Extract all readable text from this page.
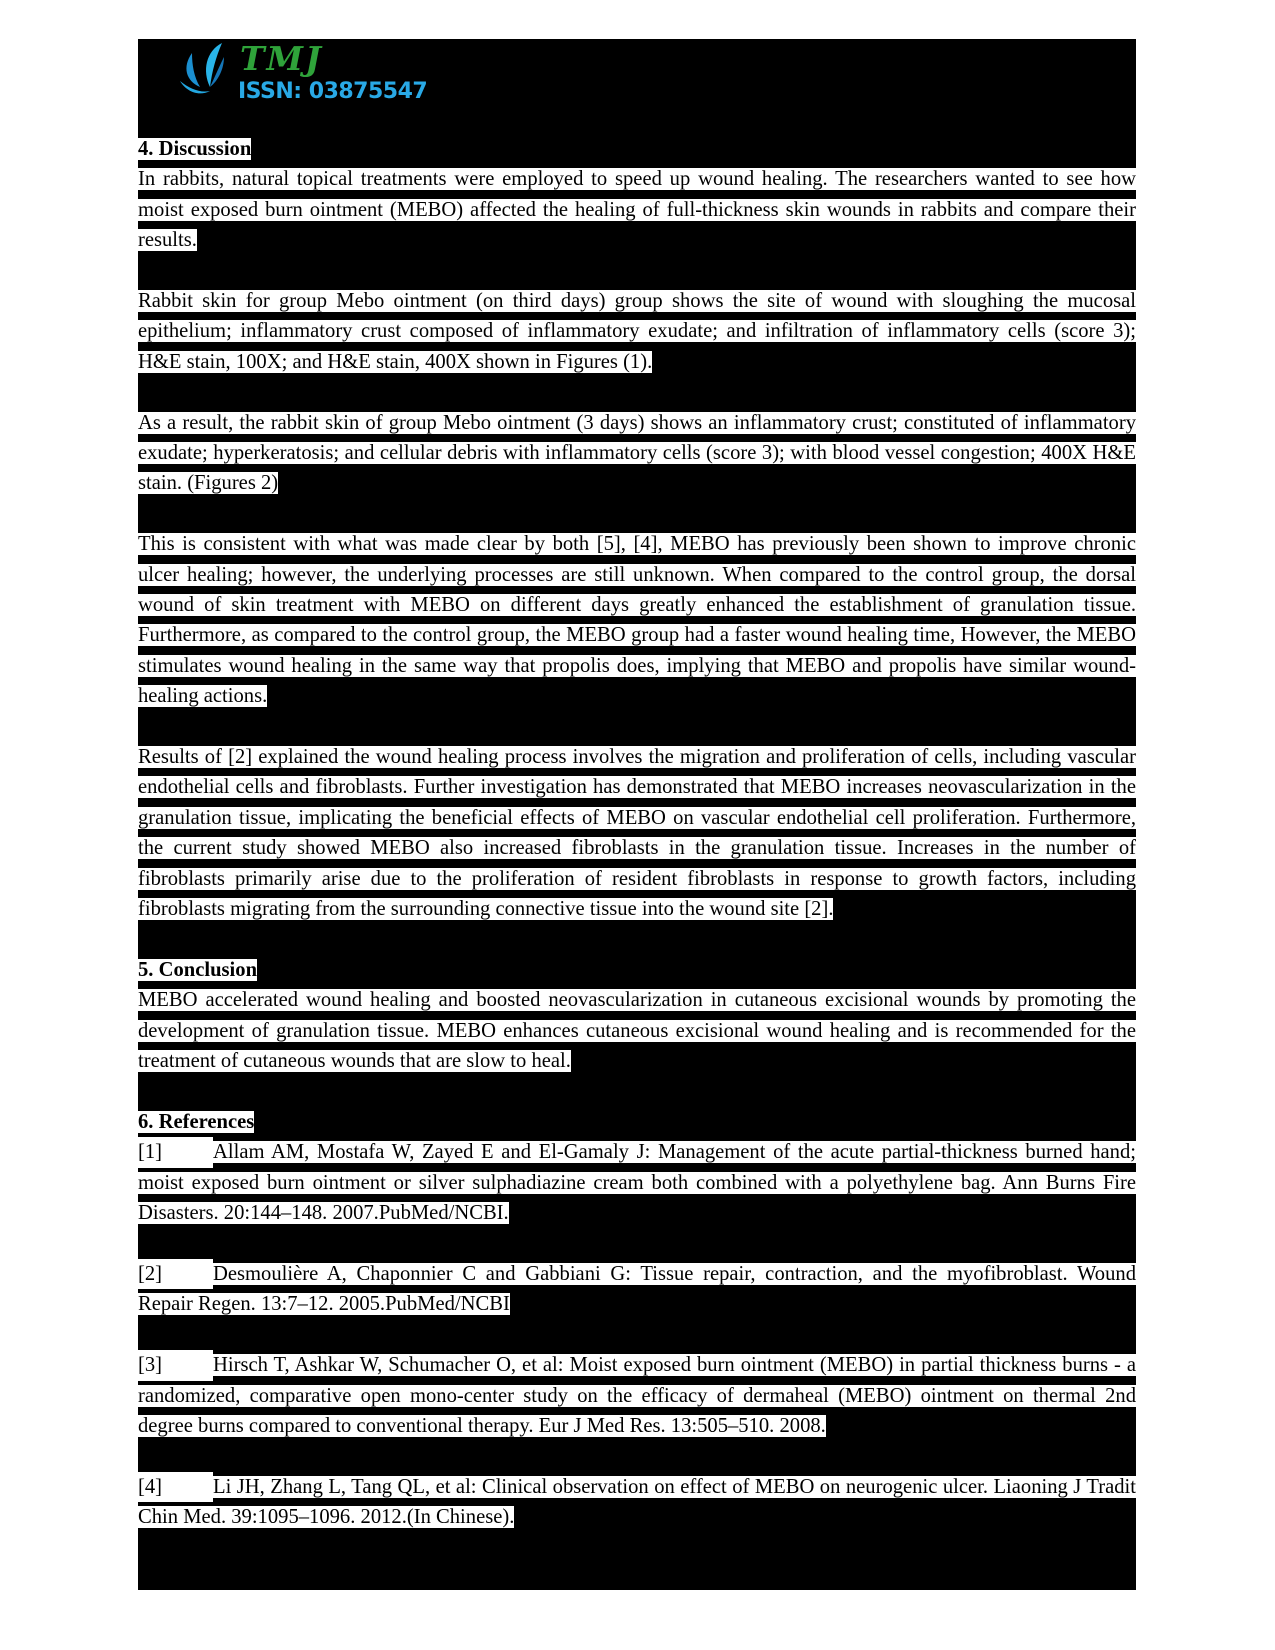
TMJ
ISSN: 03875547

4. Discussion

In rabbits, natural topical treatments were employed to speed up wound healing. The researchers wanted to see how moist exposed burn ointment (MEBO) affected the healing of full-thickness skin wounds in rabbits and compare their results.

Rabbit skin for group Mebo ointment (on third days) group shows the site of wound with sloughing the mucosal epithelium; inflammatory crust composed of inflammatory exudate; and infiltration of inflammatory cells (score 3); H&E stain, 100X; and H&E stain, 400X shown in Figures (1).

As a result, the rabbit skin of group Mebo ointment (3 days) shows an inflammatory crust; constituted of inflammatory exudate; hyperkeratosis; and cellular debris with inflammatory cells (score 3); with blood vessel congestion; 400X H&E stain. (Figures 2)

This is consistent with what was made clear by both [5], [4], MEBO has previously been shown to improve chronic ulcer healing; however, the underlying processes are still unknown. When compared to the control group, the dorsal wound of skin treatment with MEBO on different days greatly enhanced the establishment of granulation tissue. Furthermore, as compared to the control group, the MEBO group had a faster wound healing time, However, the MEBO stimulates wound healing in the same way that propolis does, implying that MEBO and propolis have similar wound-healing actions.

Results of [2] explained the wound healing process involves the migration and proliferation of cells, including vascular endothelial cells and fibroblasts. Further investigation has demonstrated that MEBO increases neovascularization in the granulation tissue, implicating the beneficial effects of MEBO on vascular endothelial cell proliferation. Furthermore, the current study showed MEBO also increased fibroblasts in the granulation tissue. Increases in the number of fibroblasts primarily arise due to the proliferation of resident fibroblasts in response to growth factors, including fibroblasts migrating from the surrounding connective tissue into the wound site [2].

5. Conclusion

MEBO accelerated wound healing and boosted neovascularization in cutaneous excisional wounds by promoting the development of granulation tissue. MEBO enhances cutaneous excisional wound healing and is recommended for the treatment of cutaneous wounds that are slow to heal.

6. References

[1] Allam AM, Mostafa W, Zayed E and El-Gamaly J: Management of the acute partial-thickness burned hand; moist exposed burn ointment or silver sulphadiazine cream both combined with a polyethylene bag. Ann Burns Fire Disasters. 20:144–148. 2007.PubMed/NCBI.

[2] Desmoulière A, Chaponnier C and Gabbiani G: Tissue repair, contraction, and the myofibroblast. Wound Repair Regen. 13:7–12. 2005.PubMed/NCBI

[3] Hirsch T, Ashkar W, Schumacher O, et al: Moist exposed burn ointment (MEBO) in partial thickness burns - a randomized, comparative open mono-center study on the efficacy of dermaheal (MEBO) ointment on thermal 2nd degree burns compared to conventional therapy. Eur J Med Res. 13:505–510. 2008.

[4] Li JH, Zhang L, Tang QL, et al: Clinical observation on effect of MEBO on neurogenic ulcer. Liaoning J Tradit Chin Med. 39:1095–1096. 2012.(In Chinese).
